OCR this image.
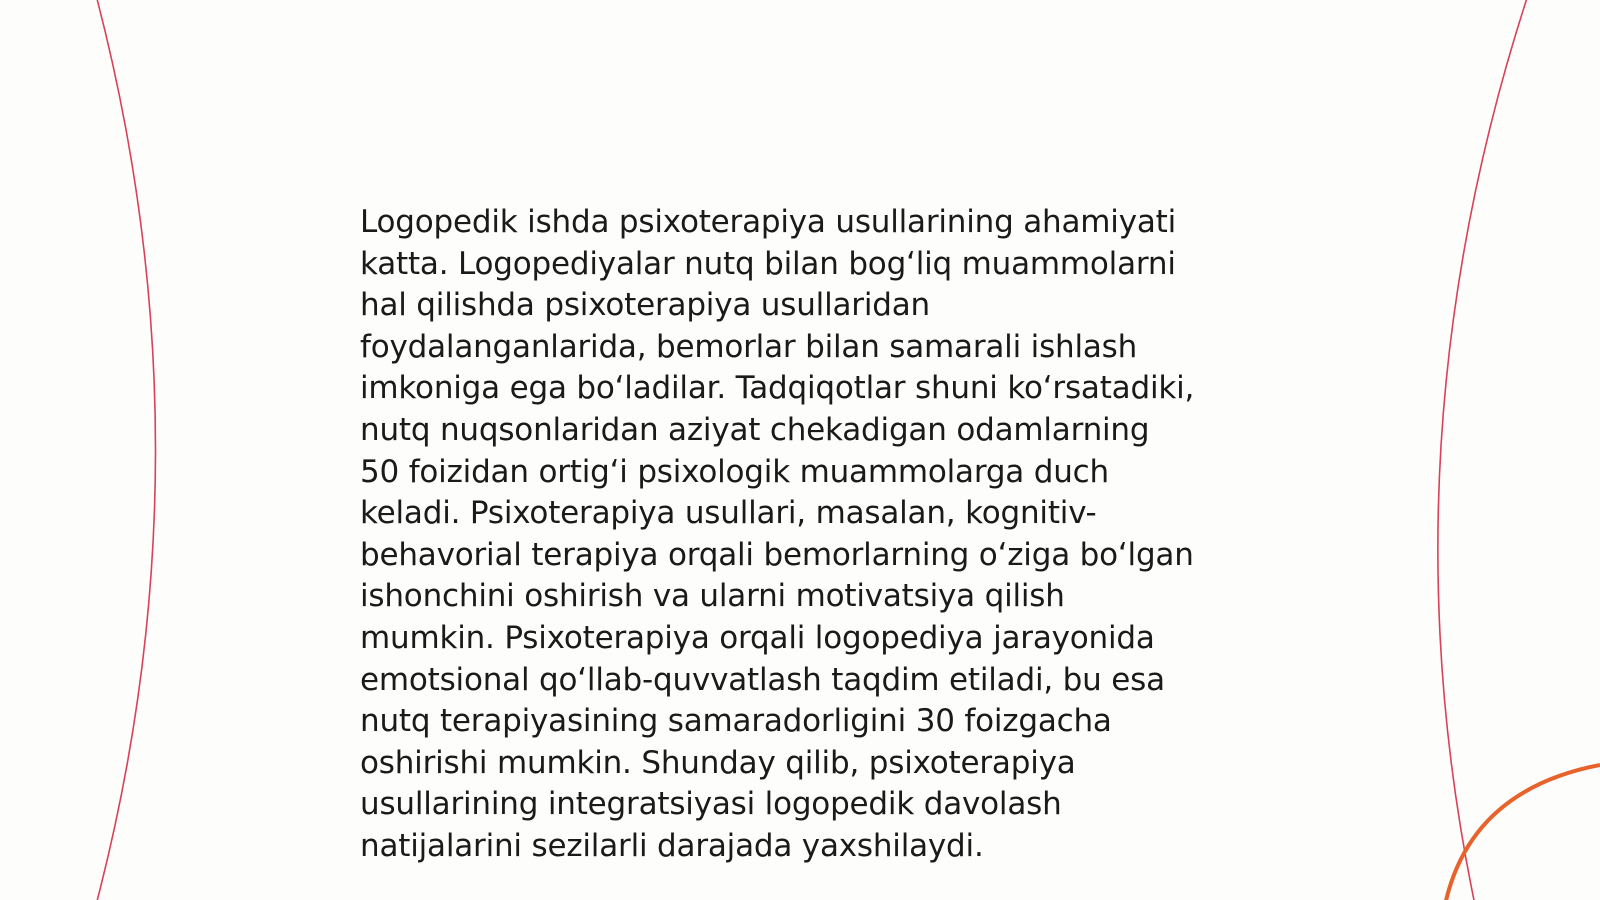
Logopedik ishda psixoterapiya usullarining ahamiyati
katta. Logopediyalar nutq bilan bog‘liq muammolarni
hal qilishda psixoterapiya usullaridan
foydalanganlarida, bemorlar bilan samarali ishlash
imkoniga ega bo‘ladilar. Tadqiqotlar shuni ko‘rsatadiki,
nutq nuqsonlaridan aziyat chekadigan odamlarning
50 foizidan ortig‘i psixologik muammolarga duch
keladi. Psixoterapiya usullari, masalan, kognitiv-
behavorial terapiya orqali bemorlarning o‘ziga bo‘lgan
ishonchini oshirish va ularni motivatsiya qilish
mumkin. Psixoterapiya orqali logopediya jarayonida
emotsional qo‘llab-quvvatlash taqdim etiladi, bu esa
nutq terapiyasining samaradorligini 30 foizgacha
oshirishi mumkin. Shunday qilib, psixoterapiya
usullarining integratsiyasi logopedik davolash
natijalarini sezilarli darajada yaxshilaydi.
